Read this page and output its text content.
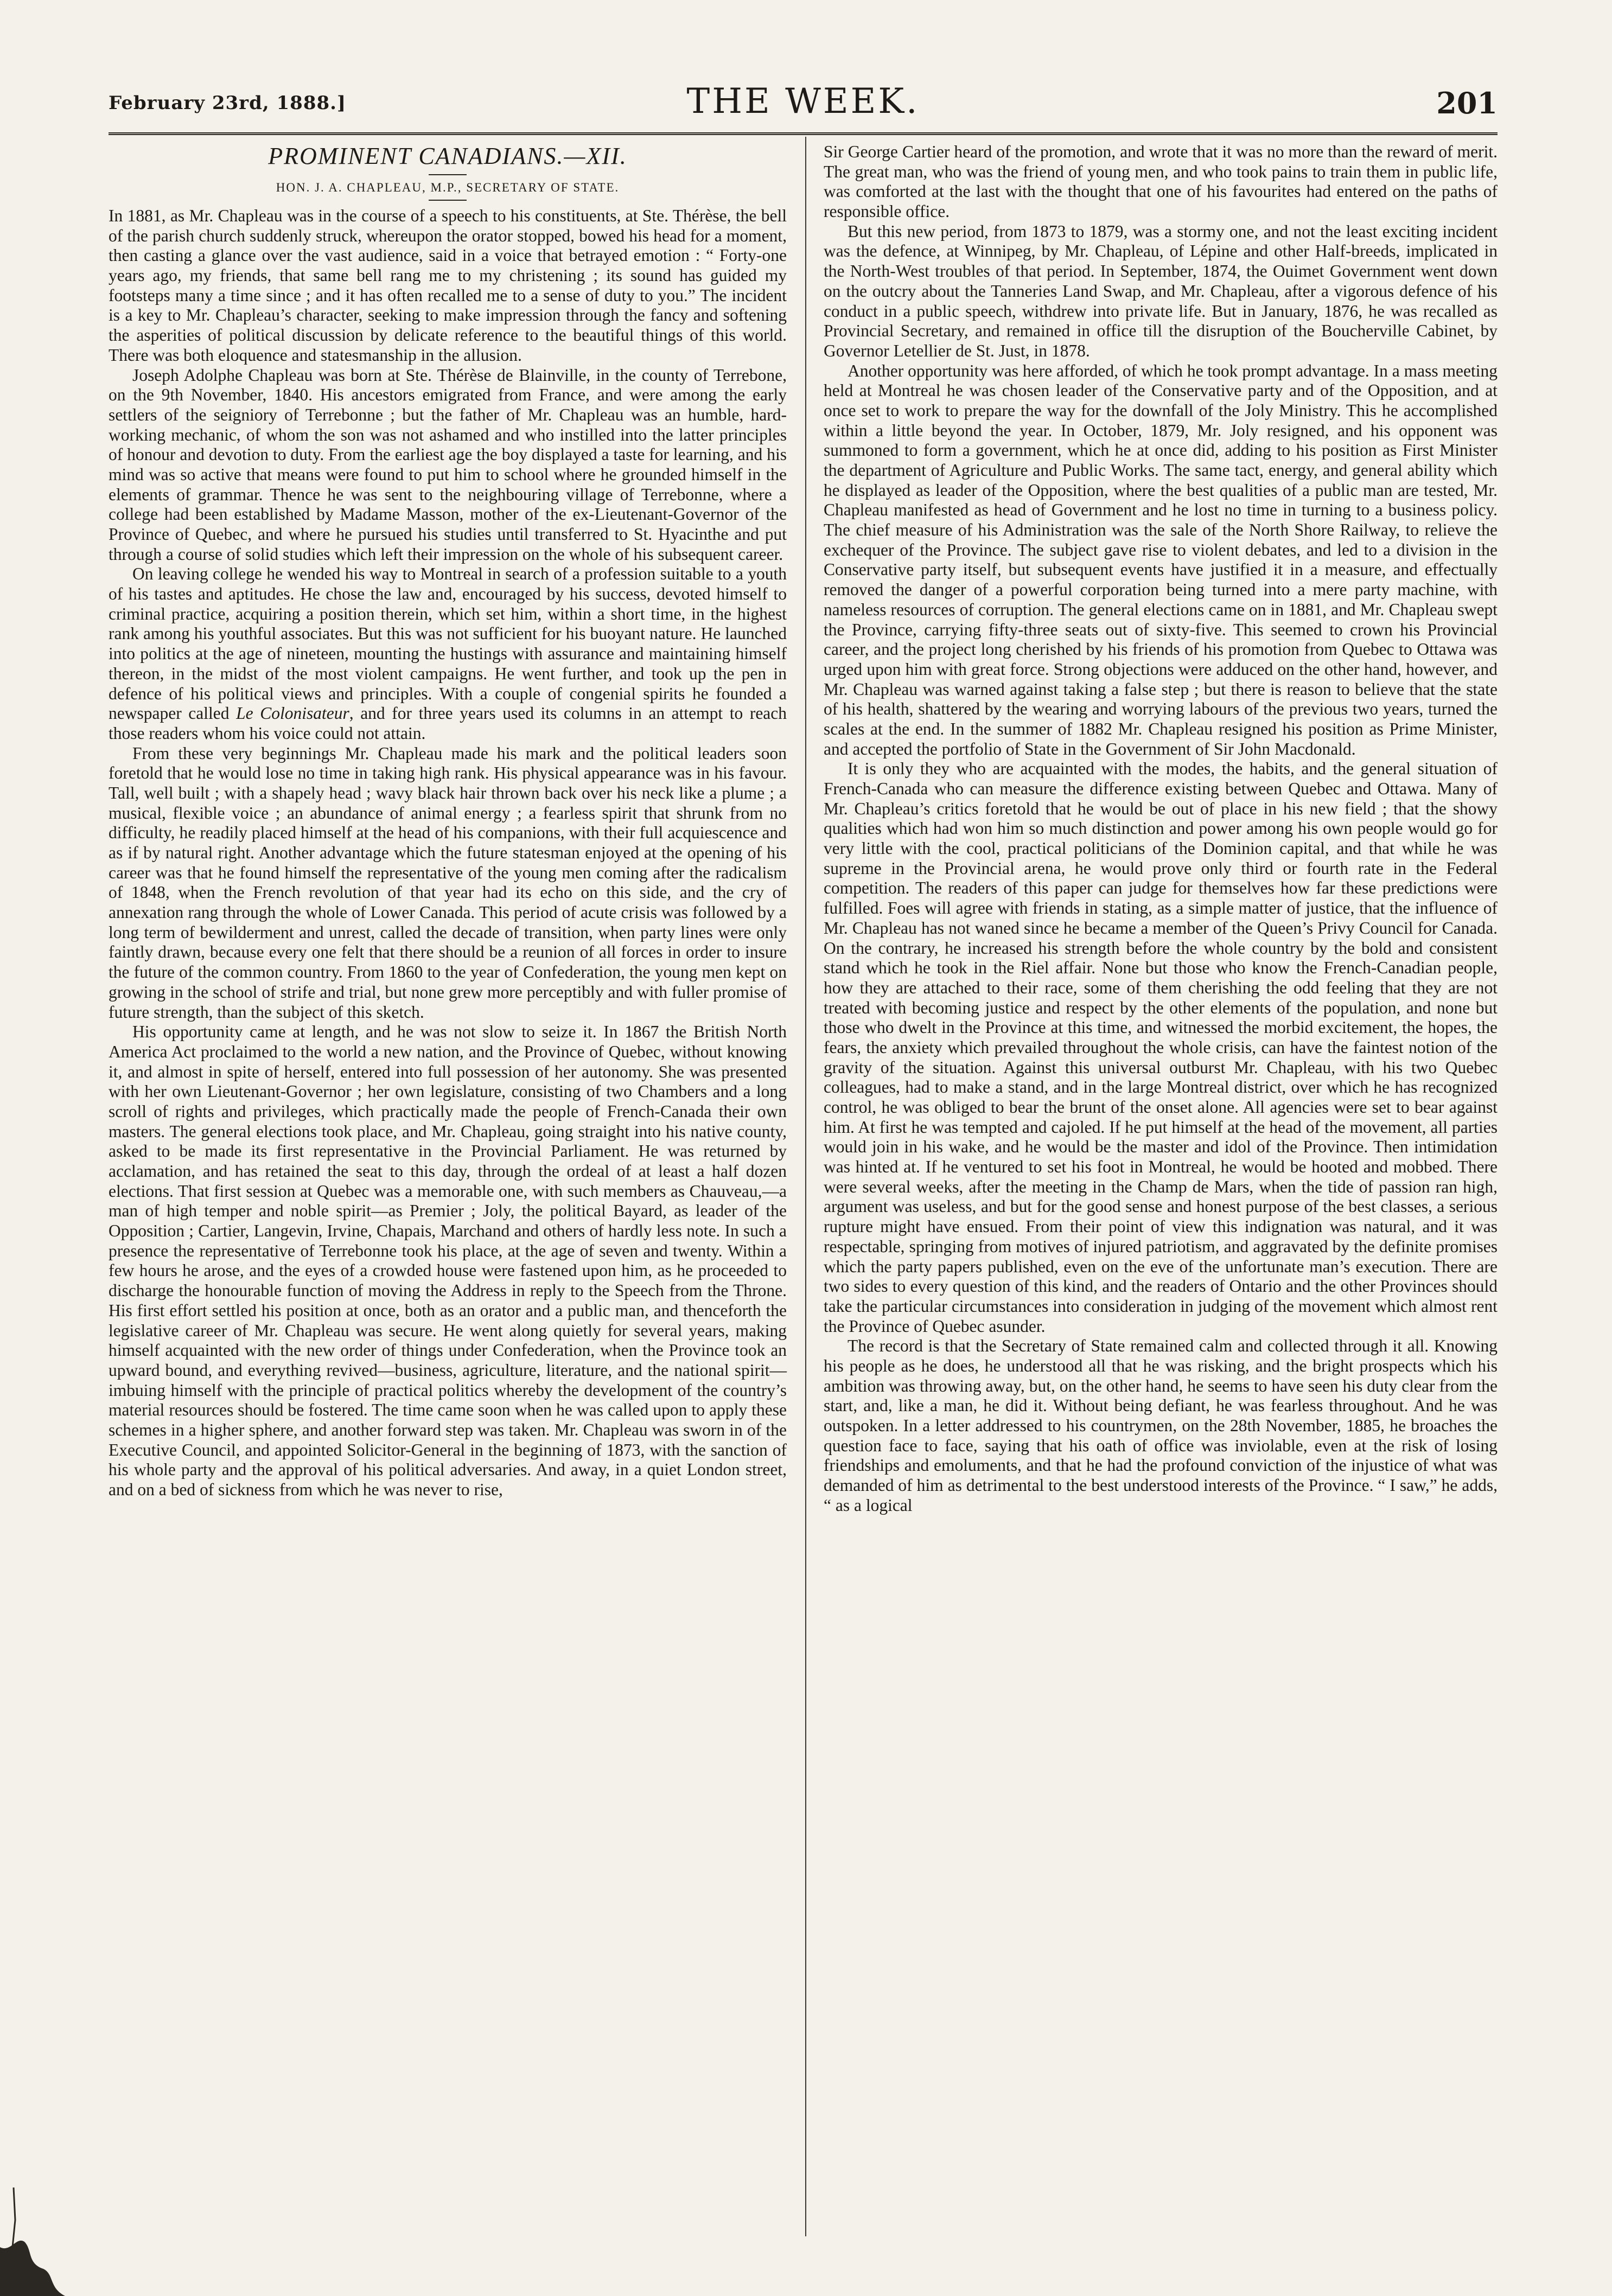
February 23rd, 1888.]	THE WEEK.	201
PROMINENT CANADIANS.—XII.
HON. J. A. CHAPLEAU, M.P., SECRETARY OF STATE.

In 1881, as Mr. Chapleau was in the course of a speech to his constituents, at Ste. Thérèse, the bell of the parish church suddenly struck, whereupon the orator stopped, bowed his head for a moment, then casting a glance over the vast audience, said in a voice that betrayed emotion : “ Forty-one years ago, my friends, that same bell rang me to my christening ; its sound has guided my footsteps many a time since ; and it has often recalled me to a sense of duty to you.” The incident is a key to Mr. Chapleau’s character, seeking to make impression through the fancy and softening the asperities of political discussion by delicate reference to the beautiful things of this world. There was both eloquence and statesmanship in the allusion.

Joseph Adolphe Chapleau was born at Ste. Thérèse de Blainville, in the county of Terrebone, on the 9th November, 1840. His ancestors emigrated from France, and were among the early settlers of the seigniory of Terrebonne ; but the father of Mr. Chapleau was an humble, hard-working mechanic, of whom the son was not ashamed and who instilled into the latter principles of honour and devotion to duty. From the earliest age the boy displayed a taste for learning, and his mind was so active that means were found to put him to school where he grounded himself in the elements of grammar. Thence he was sent to the neighbouring village of Terrebonne, where a college had been established by Madame Masson, mother of the ex-Lieutenant-Governor of the Province of Quebec, and where he pursued his studies until transferred to St. Hyacinthe and put through a course of solid studies which left their impression on the whole of his subsequent career.

On leaving college he wended his way to Montreal in search of a profession suitable to a youth of his tastes and aptitudes. He chose the law and, encouraged by his success, devoted himself to criminal practice, acquiring a position therein, which set him, within a short time, in the highest rank among his youthful associates. But this was not sufficient for his buoyant nature. He launched into politics at the age of nineteen, mounting the hustings with assurance and maintaining himself thereon, in the midst of the most violent campaigns. He went further, and took up the pen in defence of his political views and principles. With a couple of congenial spirits he founded a newspaper called Le Colonisateur, and for three years used its columns in an attempt to reach those readers whom his voice could not attain.

From these very beginnings Mr. Chapleau made his mark and the political leaders soon foretold that he would lose no time in taking high rank. His physical appearance was in his favour. Tall, well built ; with a shapely head ; wavy black hair thrown back over his neck like a plume ; a musical, flexible voice ; an abundance of animal energy ; a fearless spirit that shrunk from no difficulty, he readily placed himself at the head of his companions, with their full acquiescence and as if by natural right. Another advantage which the future statesman enjoyed at the opening of his career was that he found himself the representative of the young men coming after the radicalism of 1848, when the French revolution of that year had its echo on this side, and the cry of annexation rang through the whole of Lower Canada. This period of acute crisis was followed by a long term of bewilderment and unrest, called the decade of transition, when party lines were only faintly drawn, because every one felt that there should be a reunion of all forces in order to insure the future of the common country. From 1860 to the year of Confederation, the young men kept on growing in the school of strife and trial, but none grew more perceptibly and with fuller promise of future strength, than the subject of this sketch.

His opportunity came at length, and he was not slow to seize it. In 1867 the British North America Act proclaimed to the world a new nation, and the Province of Quebec, without knowing it, and almost in spite of herself, entered into full possession of her autonomy. She was presented with her own Lieutenant-Governor ; her own legislature, consisting of two Chambers and a long scroll of rights and privileges, which practically made the people of French-Canada their own masters. The general elections took place, and Mr. Chapleau, going straight into his native county, asked to be made its first representative in the Provincial Parliament. He was returned by acclamation, and has retained the seat to this day, through the ordeal of at least a half dozen elections. That first session at Quebec was a memorable one, with such members as Chauveau,—a man of high temper and noble spirit—as Premier ; Joly, the political Bayard, as leader of the Opposition ; Cartier, Langevin, Irvine, Chapais, Marchand and others of hardly less note. In such a presence the representative of Terrebonne took his place, at the age of seven and twenty. Within a few hours he arose, and the eyes of a crowded house were fastened upon him, as he proceeded to discharge the honourable function of moving the Address in reply to the Speech from the Throne. His first effort settled his position at once, both as an orator and a public man, and thenceforth the legislative career of Mr. Chapleau was secure. He went along quietly for several years, making himself acquainted with the new order of things under Confederation, when the Province took an upward bound, and everything revived—business, agriculture, literature, and the national spirit—imbuing himself with the principle of practical politics whereby the development of the country’s material resources should be fostered. The time came soon when he was called upon to apply these schemes in a higher sphere, and another forward step was taken. Mr. Chapleau was sworn in of the Executive Council, and appointed Solicitor-General in the beginning of 1873, with the sanction of his whole party and the approval of his political adversaries. And away, in a quiet London street, and on a bed of sickness from which he was never to rise,

Sir George Cartier heard of the promotion, and wrote that it was no more than the reward of merit. The great man, who was the friend of young men, and who took pains to train them in public life, was comforted at the last with the thought that one of his favourites had entered on the paths of responsible office.

But this new period, from 1873 to 1879, was a stormy one, and not the least exciting incident was the defence, at Winnipeg, by Mr. Chapleau, of Lépine and other Half-breeds, implicated in the North-West troubles of that period. In September, 1874, the Ouimet Government went down on the outcry about the Tanneries Land Swap, and Mr. Chapleau, after a vigorous defence of his conduct in a public speech, withdrew into private life. But in January, 1876, he was recalled as Provincial Secretary, and remained in office till the disruption of the Boucherville Cabinet, by Governor Letellier de St. Just, in 1878.

Another opportunity was here afforded, of which he took prompt advantage. In a mass meeting held at Montreal he was chosen leader of the Conservative party and of the Opposition, and at once set to work to prepare the way for the downfall of the Joly Ministry. This he accomplished within a little beyond the year. In October, 1879, Mr. Joly resigned, and his opponent was summoned to form a government, which he at once did, adding to his position as First Minister the department of Agriculture and Public Works. The same tact, energy, and general ability which he displayed as leader of the Opposition, where the best qualities of a public man are tested, Mr. Chapleau manifested as head of Government and he lost no time in turning to a business policy. The chief measure of his Administration was the sale of the North Shore Railway, to relieve the exchequer of the Province. The subject gave rise to violent debates, and led to a division in the Conservative party itself, but subsequent events have justified it in a measure, and effectually removed the danger of a powerful corporation being turned into a mere party machine, with nameless resources of corruption. The general elections came on in 1881, and Mr. Chapleau swept the Province, carrying fifty-three seats out of sixty-five. This seemed to crown his Provincial career, and the project long cherished by his friends of his promotion from Quebec to Ottawa was urged upon him with great force. Strong objections were adduced on the other hand, however, and Mr. Chapleau was warned against taking a false step ; but there is reason to believe that the state of his health, shattered by the wearing and worrying labours of the previous two years, turned the scales at the end. In the summer of 1882 Mr. Chapleau resigned his position as Prime Minister, and accepted the portfolio of State in the Government of Sir John Macdonald.

It is only they who are acquainted with the modes, the habits, and the general situation of French-Canada who can measure the difference existing between Quebec and Ottawa. Many of Mr. Chapleau’s critics foretold that he would be out of place in his new field ; that the showy qualities which had won him so much distinction and power among his own people would go for very little with the cool, practical politicians of the Dominion capital, and that while he was supreme in the Provincial arena, he would prove only third or fourth rate in the Federal competition. The readers of this paper can judge for themselves how far these predictions were fulfilled. Foes will agree with friends in stating, as a simple matter of justice, that the influence of Mr. Chapleau has not waned since he became a member of the Queen’s Privy Council for Canada. On the contrary, he increased his strength before the whole country by the bold and consistent stand which he took in the Riel affair. None but those who know the French-Canadian people, how they are attached to their race, some of them cherishing the odd feeling that they are not treated with becoming justice and respect by the other elements of the population, and none but those who dwelt in the Province at this time, and witnessed the morbid excitement, the hopes, the fears, the anxiety which prevailed throughout the whole crisis, can have the faintest notion of the gravity of the situation. Against this universal outburst Mr. Chapleau, with his two Quebec colleagues, had to make a stand, and in the large Montreal district, over which he has recognized control, he was obliged to bear the brunt of the onset alone. All agencies were set to bear against him. At first he was tempted and cajoled. If he put himself at the head of the movement, all parties would join in his wake, and he would be the master and idol of the Province. Then intimidation was hinted at. If he ventured to set his foot in Montreal, he would be hooted and mobbed. There were several weeks, after the meeting in the Champ de Mars, when the tide of passion ran high, argument was useless, and but for the good sense and honest purpose of the best classes, a serious rupture might have ensued. From their point of view this indignation was natural, and it was respectable, springing from motives of injured patriotism, and aggravated by the definite promises which the party papers published, even on the eve of the unfortunate man’s execution. There are two sides to every question of this kind, and the readers of Ontario and the other Provinces should take the particular circumstances into consideration in judging of the movement which almost rent the Province of Quebec asunder.

The record is that the Secretary of State remained calm and collected through it all. Knowing his people as he does, he understood all that he was risking, and the bright prospects which his ambition was throwing away, but, on the other hand, he seems to have seen his duty clear from the start, and, like a man, he did it. Without being defiant, he was fearless throughout. And he was outspoken. In a letter addressed to his countrymen, on the 28th November, 1885, he broaches the question face to face, saying that his oath of office was inviolable, even at the risk of losing friendships and emoluments, and that he had the profound conviction of the injustice of what was demanded of him as detrimental to the best understood interests of the Province. “ I saw,” he adds, “ as a logical
